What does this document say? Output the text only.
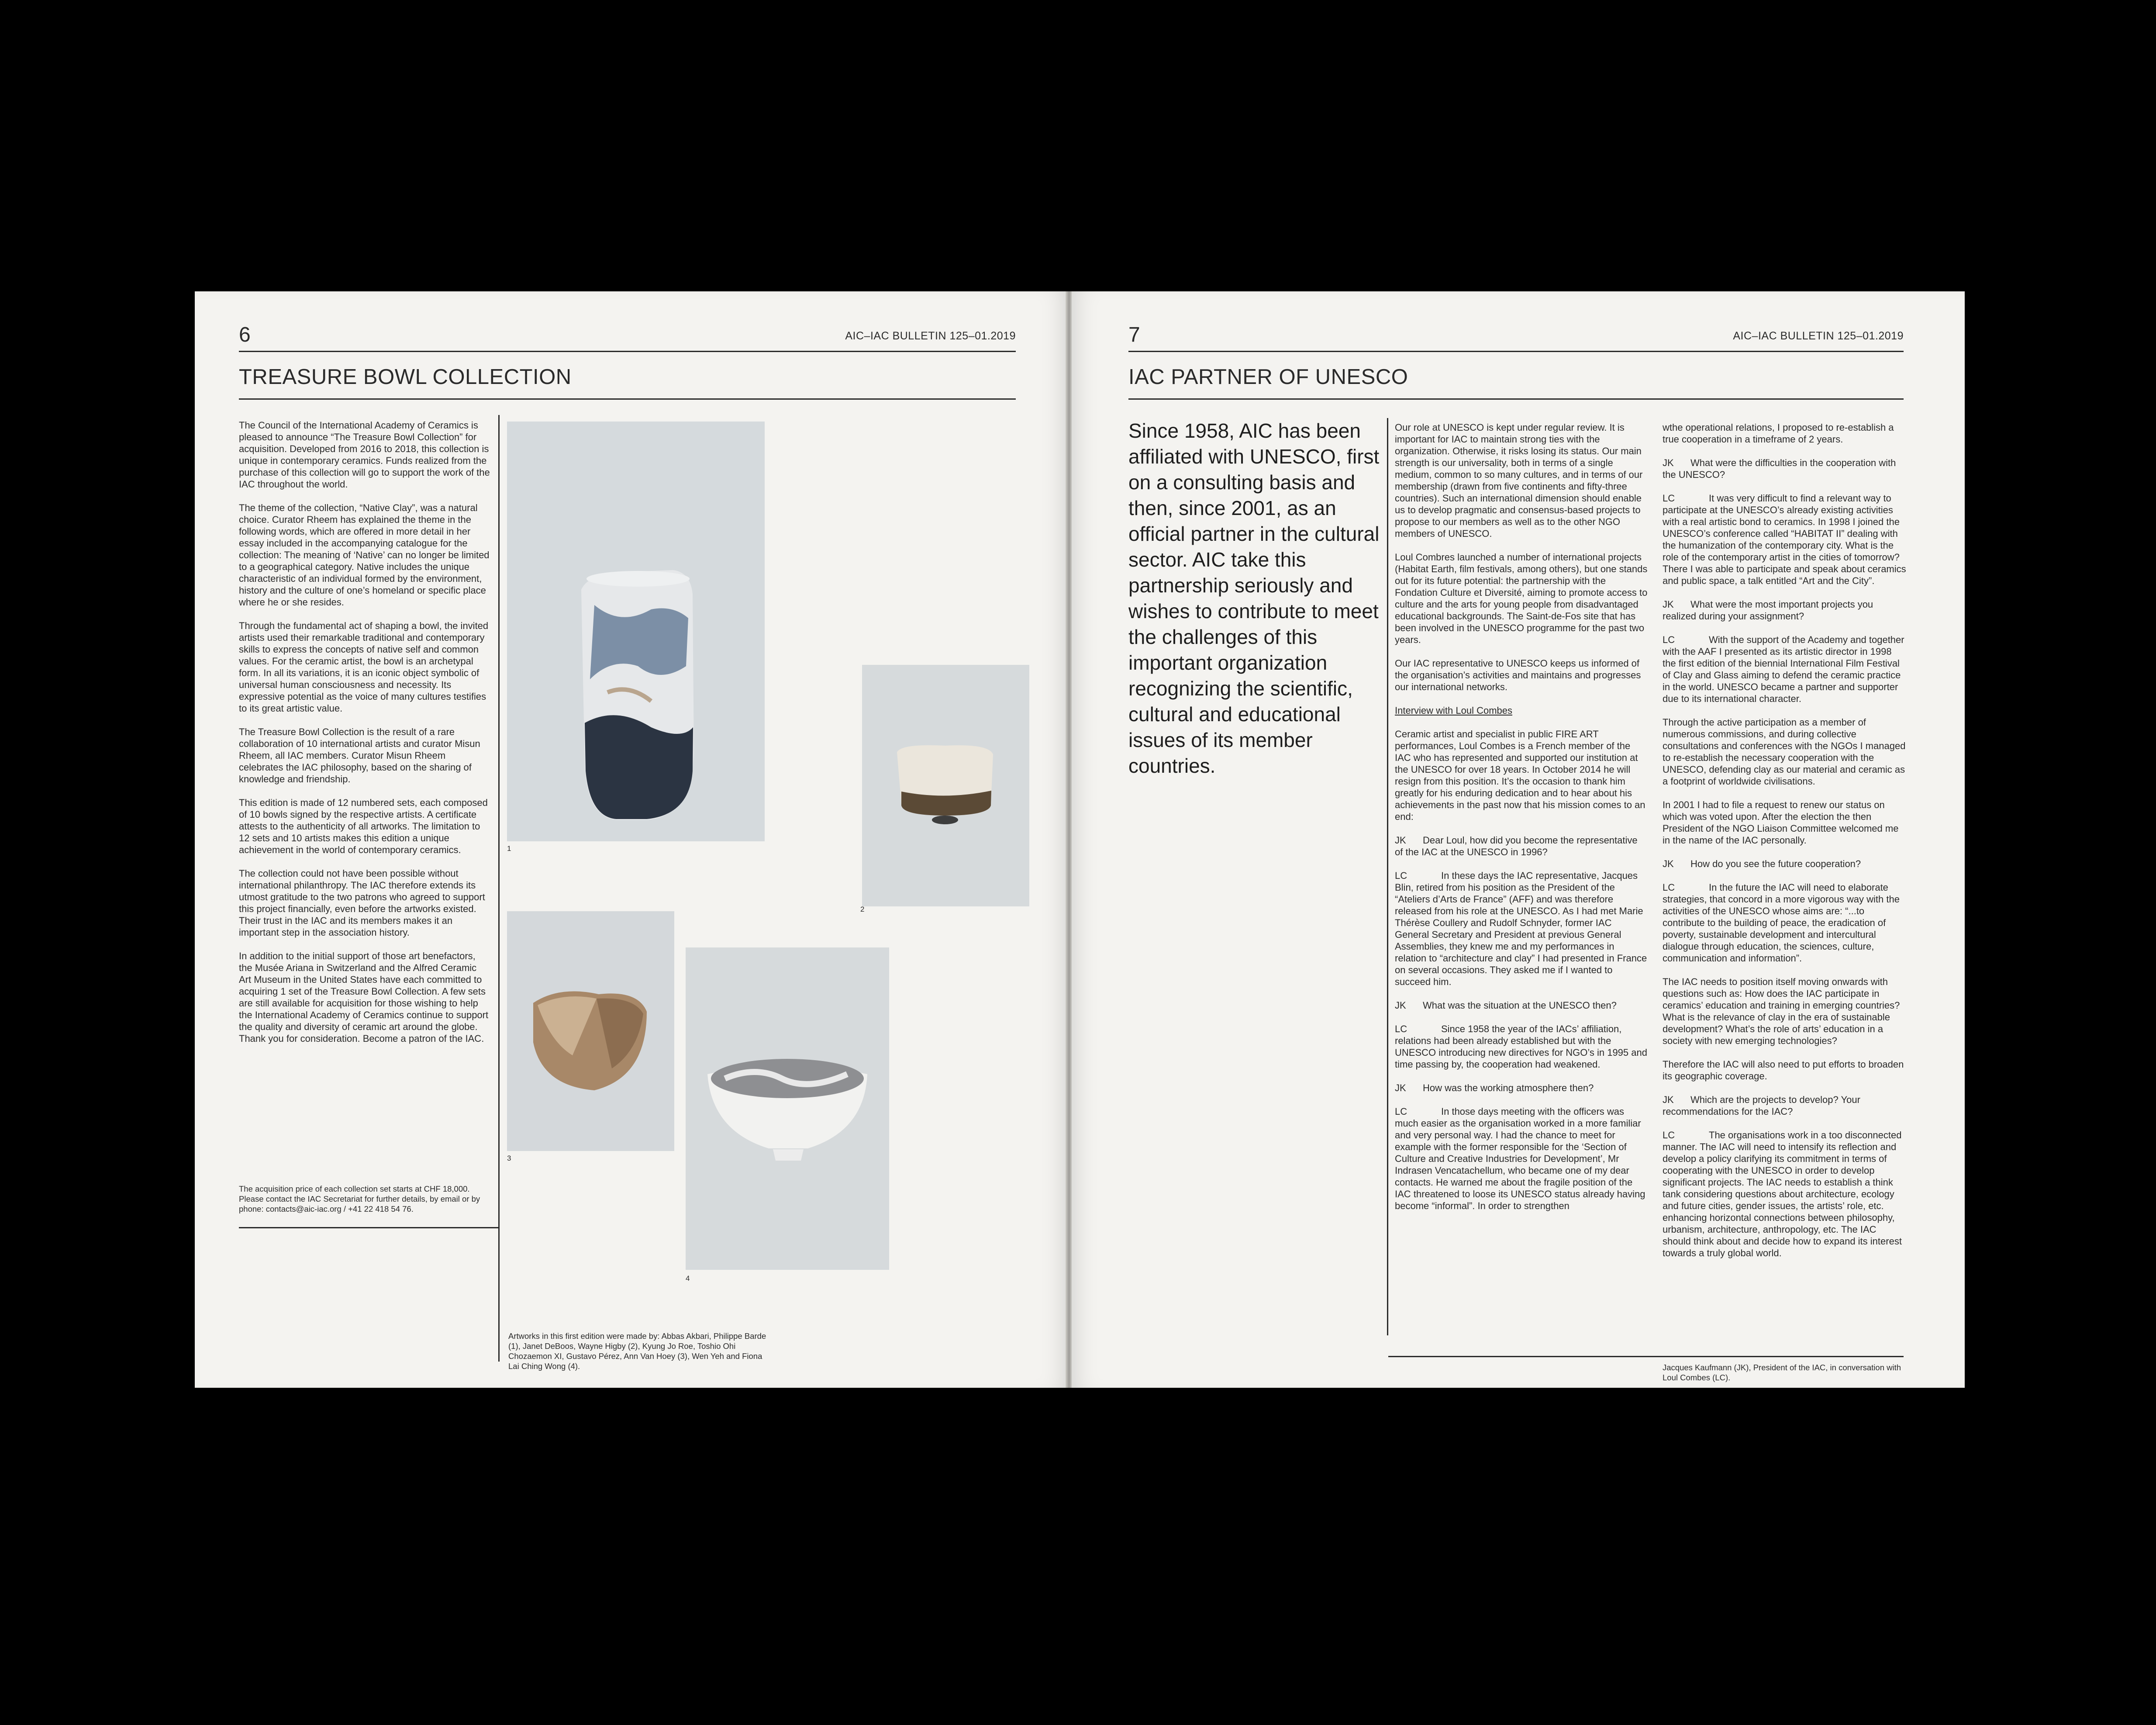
6	AIC–IAC BULLETIN 125–01.2019
TREASURE BOWL COLLECTION

The Council of the International Academy of Ceramics is pleased to announce “The Treasure Bowl Collection” for acquisition. Developed from 2016 to 2018, this collection is unique in contemporary ceramics. Funds realized from the purchase of this collection will go to support the work of the IAC throughout the world.

The theme of the collection, “Native Clay”, was a natural choice. Curator Rheem has explained the theme in the following words, which are offered in more detail in her essay included in the accompanying catalogue for the collection: The meaning of ‘Native’ can no longer be limited to a geographical category. Native includes the unique characteristic of an individual formed by the environment, history and the culture of one’s homeland or specific place where he or she resides.

Through the fundamental act of shaping a bowl, the invited artists used their remarkable traditional and contemporary skills to express the concepts of native self and common values. For the ceramic artist, the bowl is an archetypal form. In all its variations, it is an iconic object symbolic of universal human consciousness and necessity. Its expressive potential as the voice of many cultures testifies to its great artistic value.

The Treasure Bowl Collection is the result of a rare collaboration of 10 international artists and curator Misun Rheem, all IAC members. Curator Misun Rheem celebrates the IAC philosophy, based on the sharing of knowledge and friendship.

This edition is made of 12 numbered sets, each composed of 10 bowls signed by the respective artists. A certificate attests to the authenticity of all artworks. The limitation to 12 sets and 10 artists makes this edition a unique achievement in the world of contemporary ceramics.

The collection could not have been possible without international philanthropy. The IAC therefore extends its utmost gratitude to the two patrons who agreed to support this project financially, even before the artworks existed. Their trust in the IAC and its members makes it an important step in the association history.

In addition to the initial support of those art benefactors, the Musée Ariana in Switzerland and the Alfred Ceramic Art Museum in the United States have each committed to acquiring 1 set of the Treasure Bowl Collection. A few sets are still available for acquisition for those wishing to help the International Academy of Ceramics continue to support the quality and diversity of ceramic art around the globe. Thank you for consideration. Become a patron of the IAC.

The acquisition price of each collection set starts at CHF 18,000. Please contact the IAC Secretariat for further details, by email or by phone: contacts@aic-iac.org / +41 22 418 54 76.
1
2
3
4
Artworks in this first edition were made by: Abbas Akbari, Philippe Barde (1), Janet DeBoos, Wayne Higby (2), Kyung Jo Roe, Toshio Ohi Chozaemon XI, Gustavo Pérez, Ann Van Hoey (3), Wen Yeh and Fiona Lai Ching Wong (4).
7	AIC–IAC BULLETIN 125–01.2019
IAC PARTNER OF UNESCO
Since 1958, AIC has been affiliated with UNESCO, first on a consulting basis and then, since 2001, as an official partner in the cultural sector. AIC take this partnership seriously and wishes to contribute to meet the challenges of this important organization recognizing the scientific, cultural and educational issues of its member countries.

Our role at UNESCO is kept under regular review. It is important for IAC to maintain strong ties with the organization. Otherwise, it risks losing its status. Our main strength is our universality, both in terms of a single medium, common to so many cultures, and in terms of our membership (drawn from five continents and fifty-three countries). Such an international dimension should enable us to develop pragmatic and consensus-based projects to propose to our members as well as to the other NGO members of UNESCO.

Loul Combres launched a number of international projects (Habitat Earth, film festivals, among others), but one stands out for its future potential: the partnership with the Fondation Culture et Diversité, aiming to promote access to culture and the arts for young people from disadvantaged educational backgrounds. The Saint-de-Fos site that has been involved in the UNESCO programme for the past two years.

Our IAC representative to UNESCO keeps us informed of the organisation’s activities and maintains and progresses our international networks.

Interview with Loul Combes

Ceramic artist and specialist in public FIRE ART performances, Loul Combes is a French member of the IAC who has represented and supported our institution at the UNESCO for over 18 years. In October 2014 he will resign from this position. It’s the occasion to thank him greatly for his enduring dedication and to hear about his achievements in the past now that his mission comes to an end:

JK Dear Loul, how did you become the representative of the IAC at the UNESCO in 1996?

LC	In these days the IAC representative, Jacques Blin, retired from his position as the President of the “Ateliers d’Arts de France” (AFF) and was therefore released from his role at the UNESCO. As I had met Marie Thérèse Coullery and Rudolf Schnyder, former IAC General Secretary and President at previous General Assemblies, they knew me and my performances in relation to “architecture and clay” I had presented in France on several occasions. They asked me if I wanted to succeed him.

JK What was the situation at the UNESCO then?

LC	Since 1958 the year of the IACs’ affiliation, relations had been already established but with the UNESCO introducing new directives for NGO’s in 1995 and time passing by, the cooperation had weakened.

JK How was the working atmosphere then?

LC	In those days meeting with the officers was much easier as the organisation worked in a more familiar and very personal way. I had the chance to meet for example with the former responsible for the ‘Section of Culture and Creative Industries for Development’, Mr Indrasen Vencatachellum, who became one of my dear contacts. He warned me about the fragile position of the IAC threatened to loose its UNESCO status already having become “informal”. In order to strengthen

wthe operational relations, I proposed to re-establish a true cooperation in a timeframe of 2 years.

JK What were the difficulties in the cooperation with the UNESCO?

LC	It was very difficult to find a relevant way to participate at the UNESCO’s already existing activities with a real artistic bond to ceramics. In 1998 I joined the UNESCO’s conference called “HABITAT II” dealing with the humanization of the contemporary city. What is the role of the contemporary artist in the cities of tomorrow? There I was able to participate and speak about ceramics and public space, a talk entitled “Art and the City”.

JK What were the most important projects you realized during your assignment?

LC	With the support of the Academy and together with the AAF I presented as its artistic director in 1998 the first edition of the biennial International Film Festival of Clay and Glass aiming to defend the ceramic practice in the world. UNESCO became a partner and supporter due to its international character.

Through the active participation as a member of numerous commissions, and during collective consultations and conferences with the NGOs I managed to re-establish the necessary cooperation with the UNESCO, defending clay as our material and ceramic as a footprint of worldwide civilisations.

In 2001 I had to file a request to renew our status on which was voted upon. After the election the then President of the NGO Liaison Committee welcomed me in the name of the IAC personally.

JK How do you see the future cooperation?

LC	In the future the IAC will need to elaborate strategies, that concord in a more vigorous way with the activities of the UNESCO whose aims are: “...to contribute to the building of peace, the eradication of poverty, sustainable development and intercultural dialogue through education, the sciences, culture, communication and information”.

The IAC needs to position itself moving onwards with questions such as: How does the IAC participate in ceramics’ education and training in emerging countries? What is the relevance of clay in the era of sustainable development? What’s the role of arts’ education in a society with new emerging technologies?

Therefore the IAC will also need to put efforts to broaden its geographic coverage.

JK Which are the projects to develop? Your recommendations for the IAC?

LC	The organisations work in a too disconnected manner. The IAC will need to intensify its reflection and develop a policy clarifying its commitment in terms of cooperating with the UNESCO in order to develop significant projects. The IAC needs to establish a think tank considering questions about architecture, ecology and future cities, gender issues, the artists’ role, etc. enhancing horizontal connections between philosophy, urbanism, architecture, anthropology, etc. The IAC should think about and decide how to expand its interest towards a truly global world.

Jacques Kaufmann (JK), President of the IAC, in conversation with Loul Combes (LC).
